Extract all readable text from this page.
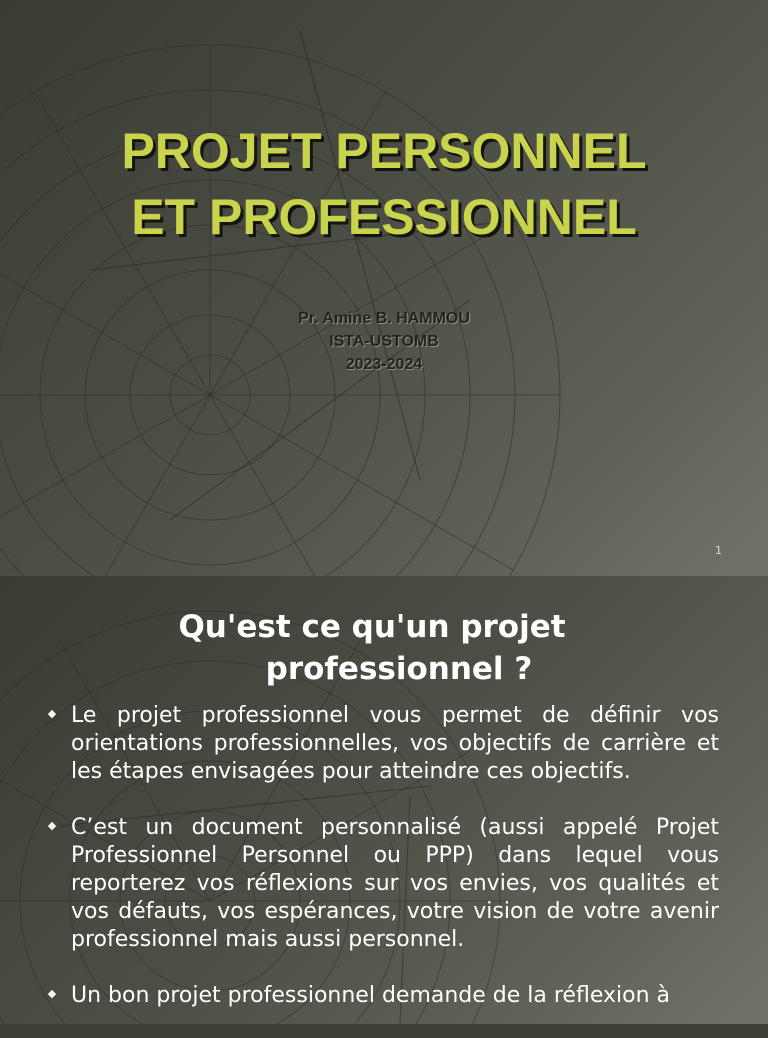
PROJET PERSONNEL
ET PROFESSIONNEL
Pr. Amine B. HAMMOU
ISTA-USTOMB
2023-2024
1
Qu'est ce qu'un projet
professionnel ?
◆ Le projet professionnel vous permet de définir vos orientations professionnelles, vos objectifs de carrière et les étapes envisagées pour atteindre ces objectifs.
◆ C’est un document personnalisé (aussi appelé Projet Professionnel Personnel ou PPP) dans lequel vous reporterez vos réflexions sur vos envies, vos qualités et vos défauts, vos espérances, votre vision de votre avenir professionnel mais aussi personnel.
◆ Un bon projet professionnel demande de la réflexion à
